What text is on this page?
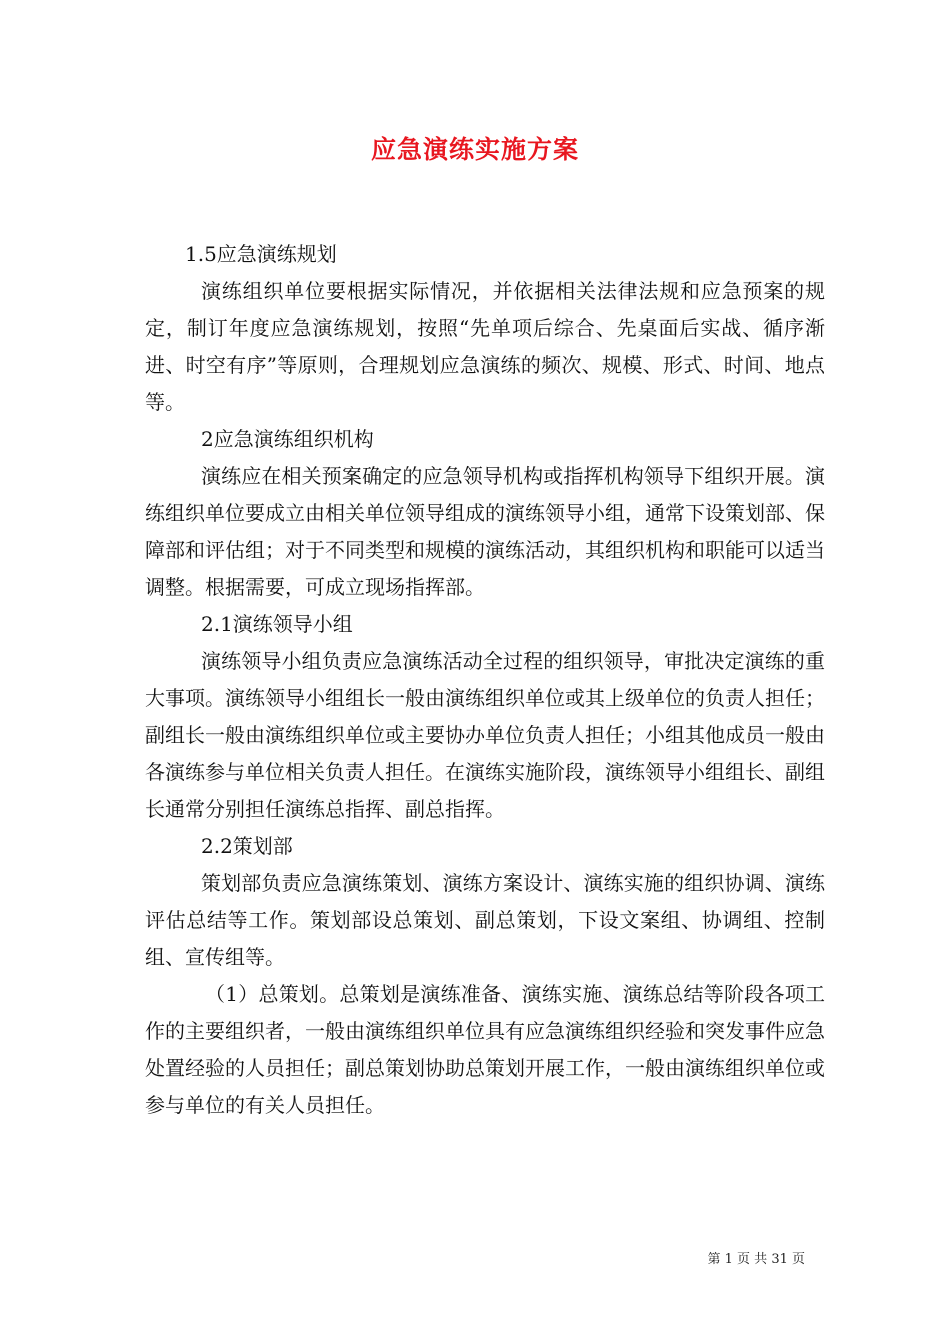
应急演练实施方案

1.5应急演练规划

演练组织单位要根据实际情况，并依据相关法律法规和应急预案的规定，制订年度应急演练规划，按照“先单项后综合、先桌面后实战、循序渐进、时空有序”等原则，合理规划应急演练的频次、规模、形式、时间、地点等。

2应急演练组织机构

演练应在相关预案确定的应急领导机构或指挥机构领导下组织开展。演练组织单位要成立由相关单位领导组成的演练领导小组，通常下设策划部、保障部和评估组；对于不同类型和规模的演练活动，其组织机构和职能可以适当调整。根据需要，可成立现场指挥部。

2.1演练领导小组

演练领导小组负责应急演练活动全过程的组织领导，审批决定演练的重大事项。演练领导小组组长一般由演练组织单位或其上级单位的负责人担任；副组长一般由演练组织单位或主要协办单位负责人担任；小组其他成员一般由各演练参与单位相关负责人担任。在演练实施阶段，演练领导小组组长、副组长通常分别担任演练总指挥、副总指挥。

2.2策划部

策划部负责应急演练策划、演练方案设计、演练实施的组织协调、演练评估总结等工作。策划部设总策划、副总策划，下设文案组、协调组、控制组、宣传组等。

（1）总策划。总策划是演练准备、演练实施、演练总结等阶段各项工作的主要组织者，一般由演练组织单位具有应急演练组织经验和突发事件应急处置经验的人员担任；副总策划协助总策划开展工作，一般由演练组织单位或参与单位的有关人员担任。

第 1 页 共 31 页
